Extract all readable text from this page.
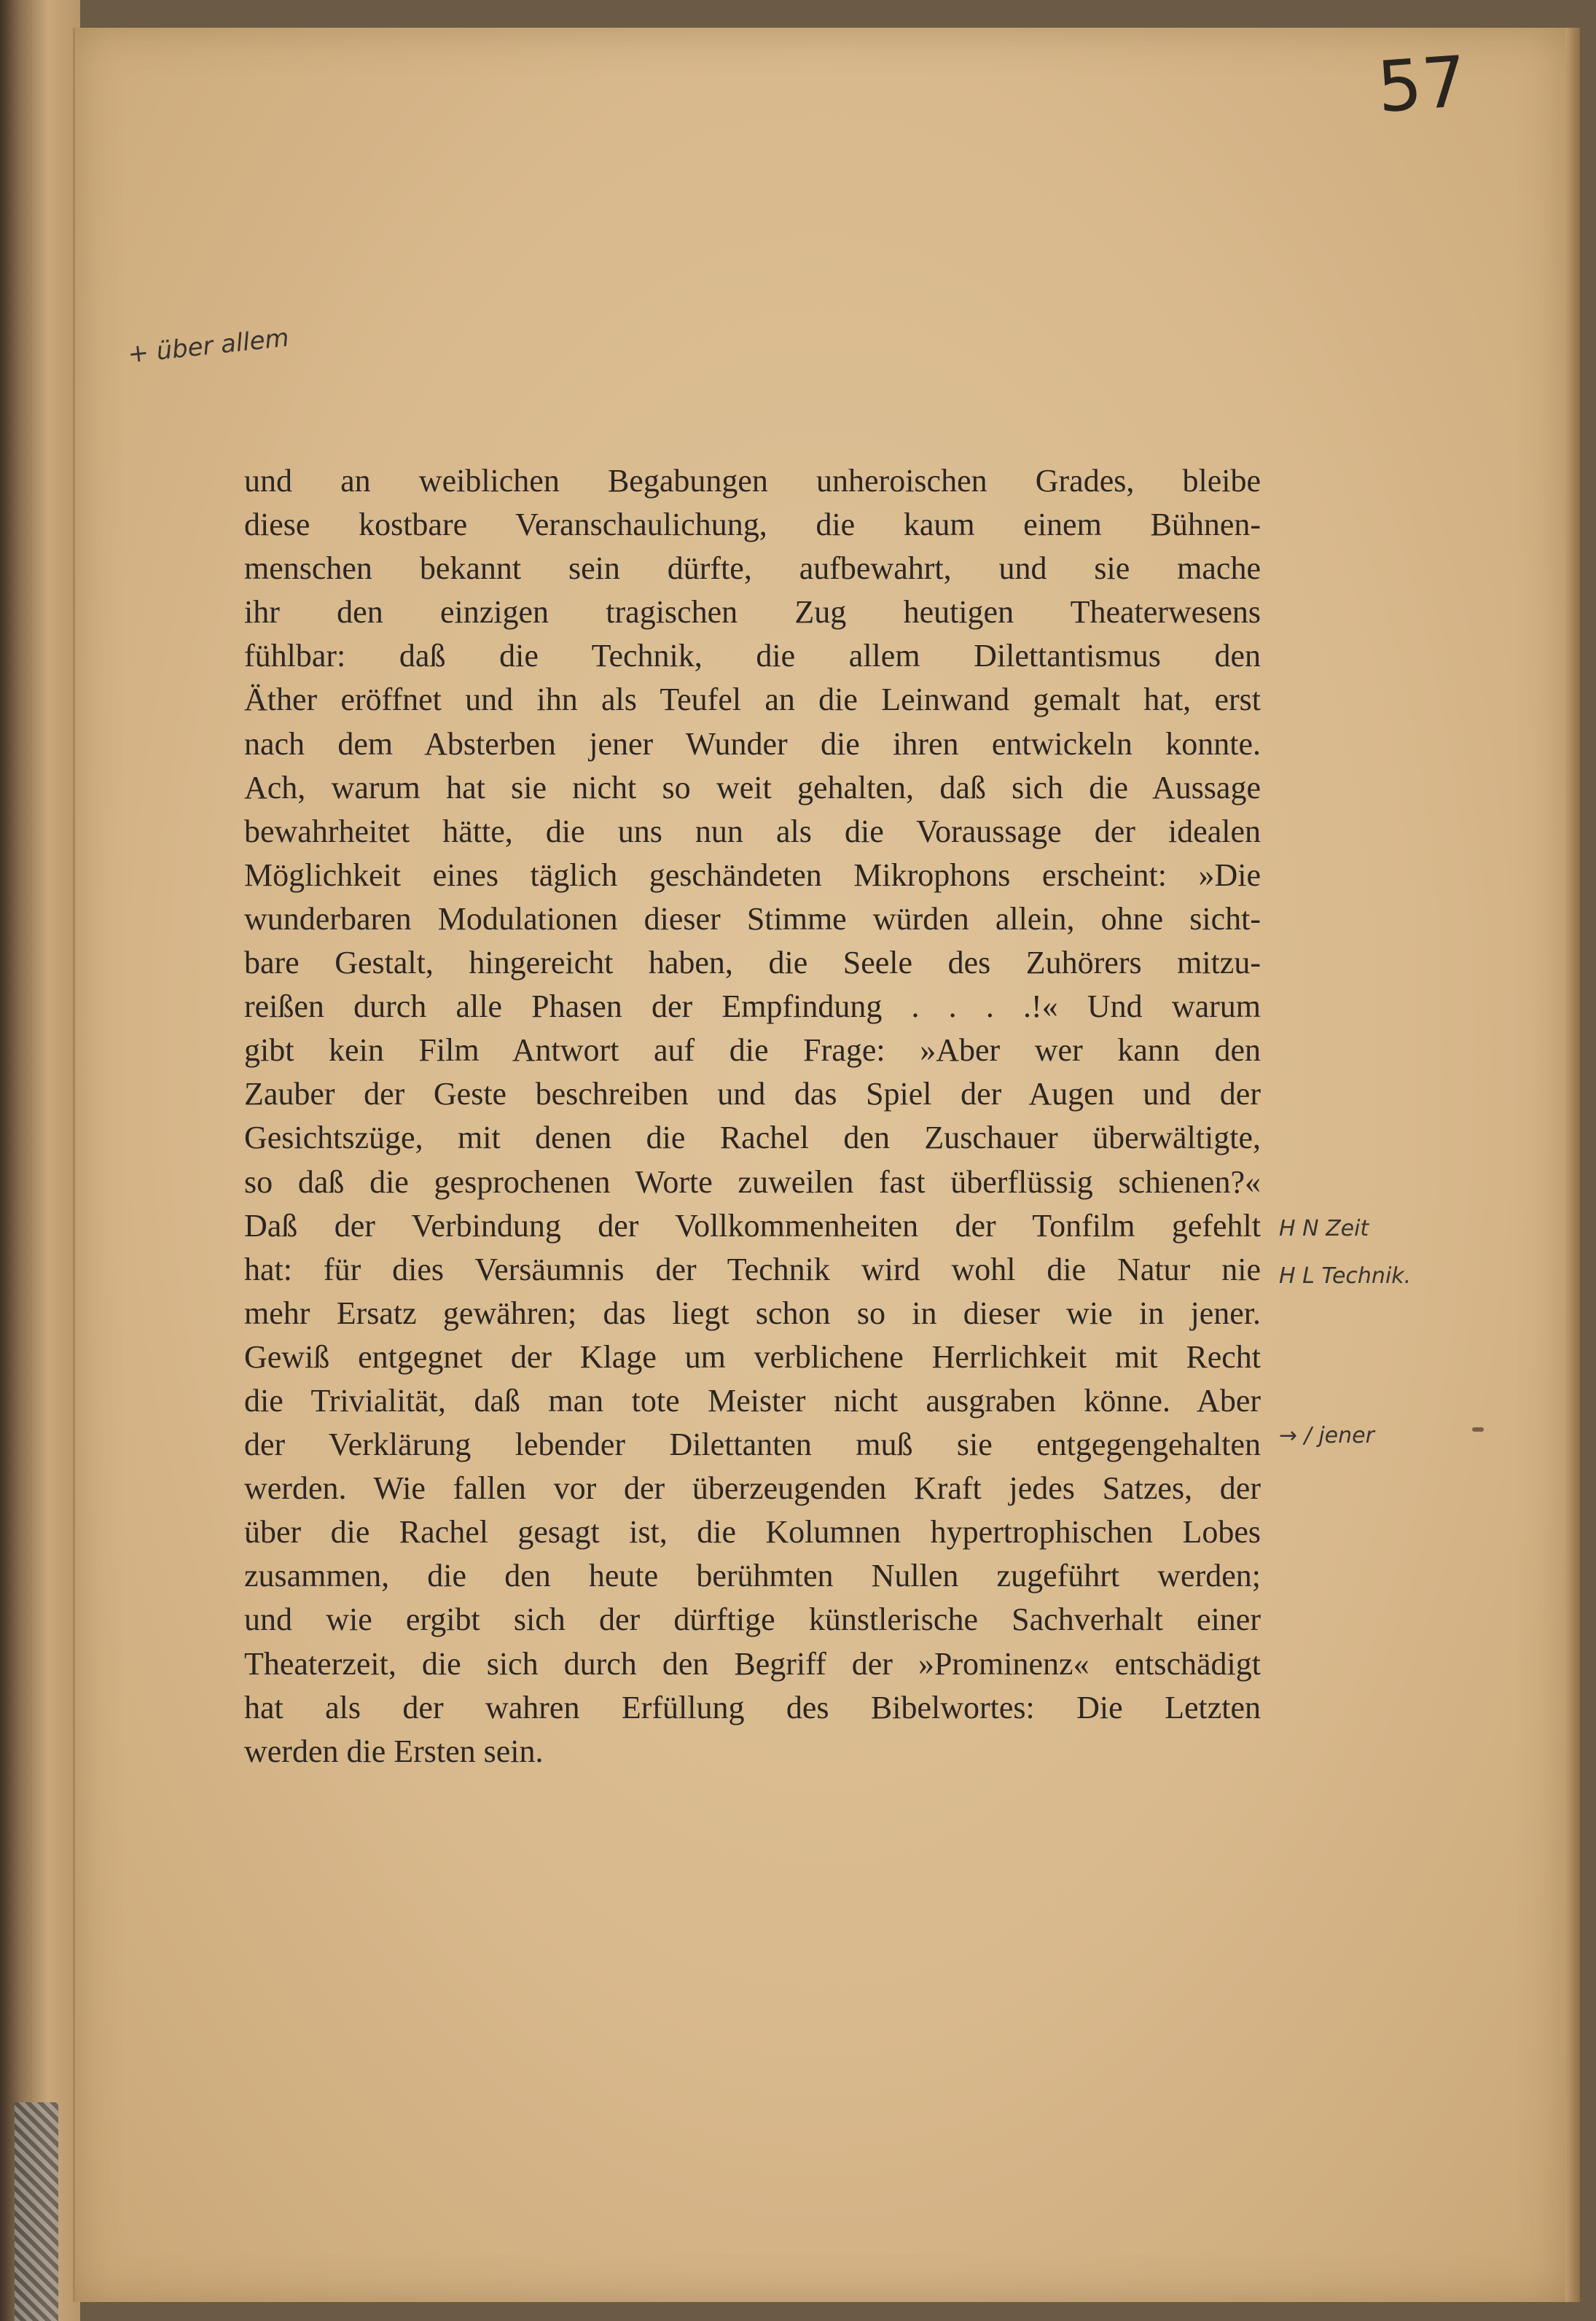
57
+ über allem
und an weiblichen Begabungen unheroischen Grades, bleibe
diese kostbare Veranschaulichung, die kaum einem Bühnen-
menschen bekannt sein dürfte, aufbewahrt, und sie mache
ihr den einzigen tragischen Zug heutigen Theaterwesens
fühlbar: daß die Technik, die allem Dilettantismus den
Äther eröffnet und ihn als Teufel an die Leinwand gemalt hat, erst
nach dem Absterben jener Wunder die ihren entwickeln konnte.
Ach, warum hat sie nicht so weit gehalten, daß sich die Aussage
bewahrheitet hätte, die uns nun als die Voraussage der idealen
Möglichkeit eines täglich geschändeten Mikrophons erscheint: »Die
wunderbaren Modulationen dieser Stimme würden allein, ohne sicht-
bare Gestalt, hingereicht haben, die Seele des Zuhörers mitzu-
reißen durch alle Phasen der Empfindung . . . .!« Und warum
gibt kein Film Antwort auf die Frage: »Aber wer kann den
Zauber der Geste beschreiben und das Spiel der Augen und der
Gesichtszüge, mit denen die Rachel den Zuschauer überwältigte,
so daß die gesprochenen Worte zuweilen fast überflüssig schienen?«
Daß der Verbindung der Vollkommenheiten der Tonfilm gefehlt
hat: für dies Versäumnis der Technik wird wohl die Natur nie
mehr Ersatz gewähren; das liegt schon so in dieser wie in jener.
Gewiß entgegnet der Klage um verblichene Herrlichkeit mit Recht
die Trivialität, daß man tote Meister nicht ausgraben könne. Aber
der Verklärung lebender Dilettanten muß sie entgegengehalten
werden. Wie fallen vor der überzeugenden Kraft jedes Satzes, der
über die Rachel gesagt ist, die Kolumnen hypertrophischen Lobes
zusammen, die den heute berühmten Nullen zugeführt werden;
und wie ergibt sich der dürftige künstlerische Sachverhalt einer
Theaterzeit, die sich durch den Begriff der »Prominenz« entschädigt
hat als der wahren Erfüllung des Bibelwortes: Die Letzten
werden die Ersten sein.
H N Zeit
H L Technik.
→ / jener
